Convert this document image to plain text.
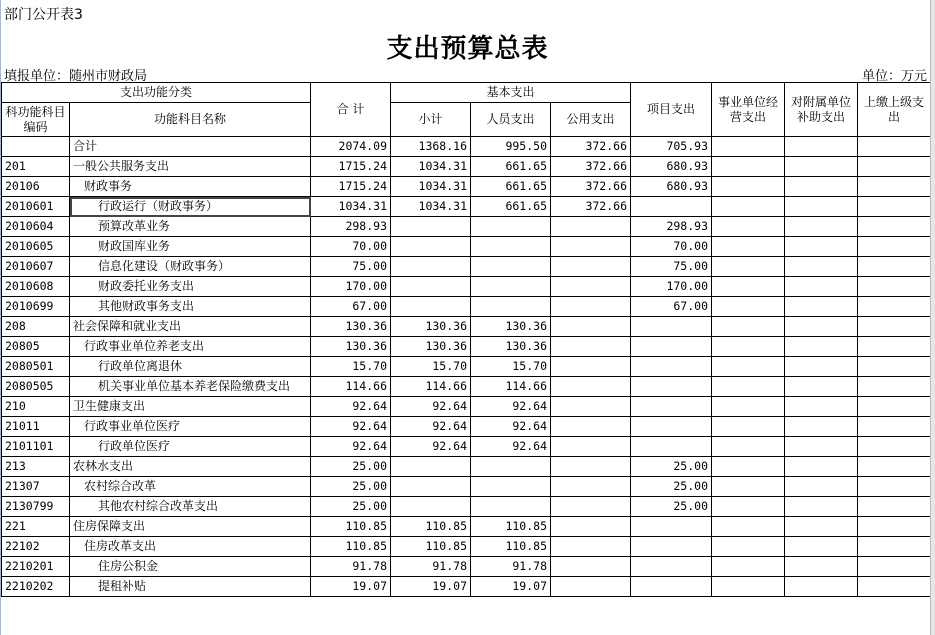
部门公开表3
支出预算总表
填报单位：随州市财政局	单位：万元
支出功能分类		合 计	基本支出			项目支出	事业单位经营支出	对附属单位补助支出	上缴上级支出
科功能科目编码	功能科目名称		小计	人员支出	公用支出				
	合计	2074.09	1368.16	995.50	372.66	705.93			
201	一般公共服务支出	1715.24	1034.31	661.65	372.66	680.93			
20106	财政事务	1715.24	1034.31	661.65	372.66	680.93			
2010601	行政运行（财政事务）	1034.31	1034.31	661.65	372.66				
2010604	预算改革业务	298.93				298.93			
2010605	财政国库业务	70.00				70.00			
2010607	信息化建设（财政事务）	75.00				75.00			
2010608	财政委托业务支出	170.00				170.00			
2010699	其他财政事务支出	67.00				67.00			
208	社会保障和就业支出	130.36	130.36	130.36					
20805	行政事业单位养老支出	130.36	130.36	130.36					
2080501	行政单位离退休	15.70	15.70	15.70					
2080505	机关事业单位基本养老保险缴费支出	114.66	114.66	114.66					
210	卫生健康支出	92.64	92.64	92.64					
21011	行政事业单位医疗	92.64	92.64	92.64					
2101101	行政单位医疗	92.64	92.64	92.64					
213	农林水支出	25.00				25.00			
21307	农村综合改革	25.00				25.00			
2130799	其他农村综合改革支出	25.00				25.00			
221	住房保障支出	110.85	110.85	110.85					
22102	住房改革支出	110.85	110.85	110.85					
2210201	住房公积金	91.78	91.78	91.78					
2210202	提租补贴	19.07	19.07	19.07					
